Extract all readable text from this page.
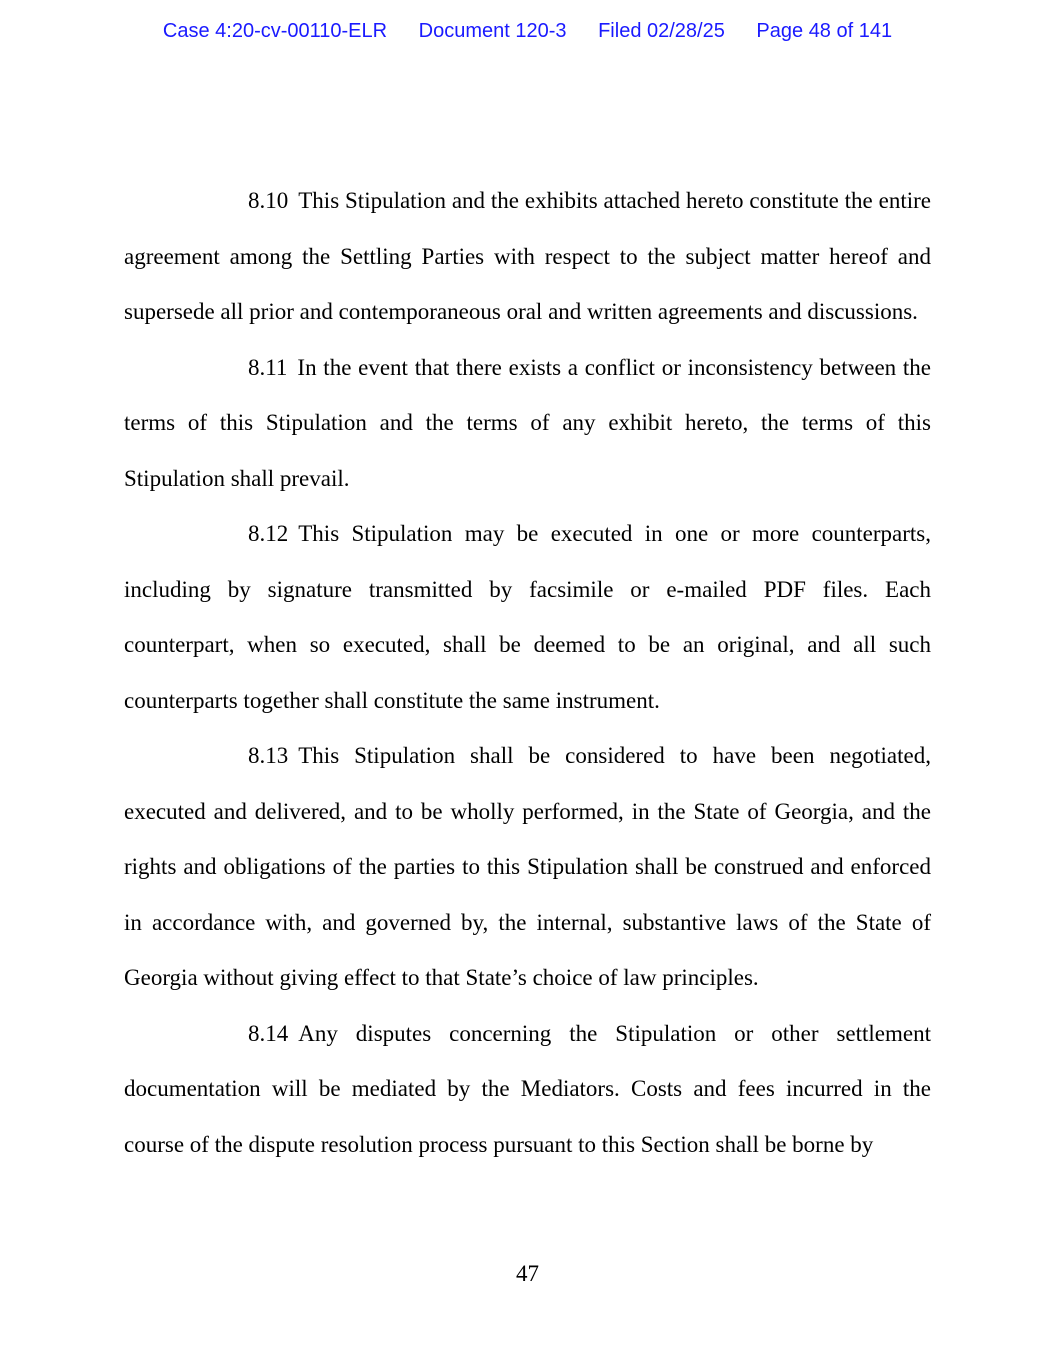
Case 4:20-cv-00110-ELR Document 120-3 Filed 02/28/25 Page 48 of 141

8.10 This Stipulation and the exhibits attached hereto constitute the entire agreement among the Settling Parties with respect to the subject matter hereof and supersede all prior and contemporaneous oral and written agreements and discussions.

8.11 In the event that there exists a conflict or inconsistency between the terms of this Stipulation and the terms of any exhibit hereto, the terms of this Stipulation shall prevail.

8.12 This Stipulation may be executed in one or more counterparts, including by signature transmitted by facsimile or e-mailed PDF files. Each counterpart, when so executed, shall be deemed to be an original, and all such counterparts together shall constitute the same instrument.

8.13 This Stipulation shall be considered to have been negotiated, executed and delivered, and to be wholly performed, in the State of Georgia, and the rights and obligations of the parties to this Stipulation shall be construed and enforced in accordance with, and governed by, the internal, substantive laws of the State of Georgia without giving effect to that State’s choice of law principles.

8.14 Any disputes concerning the Stipulation or other settlement documentation will be mediated by the Mediators. Costs and fees incurred in the course of the dispute resolution process pursuant to this Section shall be borne by

47
